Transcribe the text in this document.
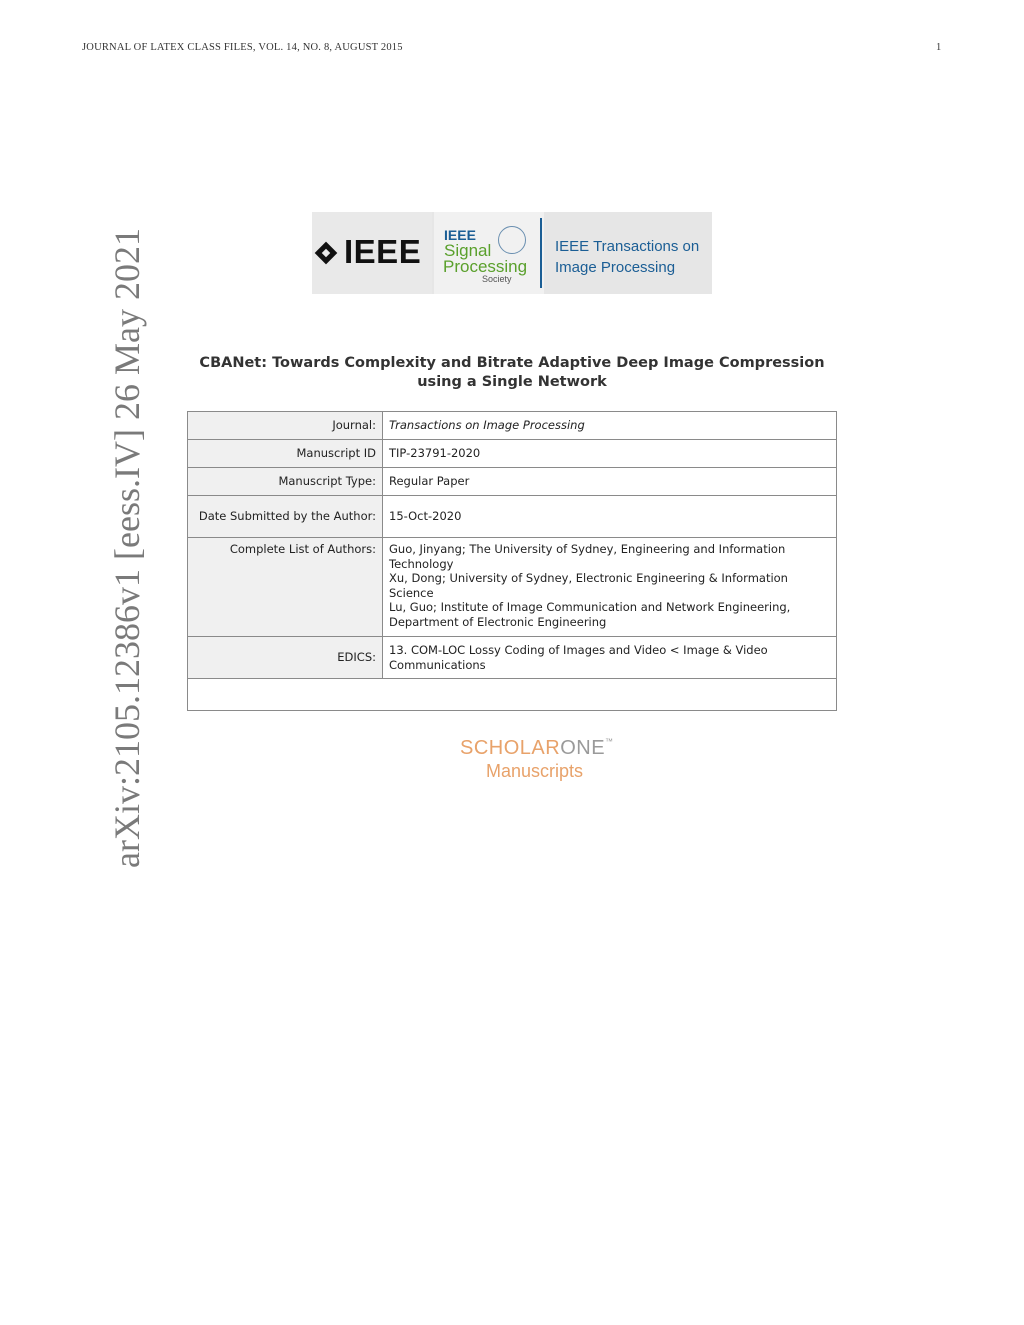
JOURNAL OF LATEX CLASS FILES, VOL. 14, NO. 8, AUGUST 2015	1
arXiv:2105.12386v1 [eess.IV] 26 May 2021	IEEE IEEE
Signal
Processing
Society
IEEE Transactions on Image Processing
CBANet: Towards Complexity and Bitrate Adaptive Deep Image Compression using a Single Network
Journal:	Transactions on Image Processing
Manuscript ID	TIP-23791-2020
Manuscript Type:	Regular Paper
Date Submitted by the Author:	15-Oct-2020
Complete List of Authors:	Guo, Jinyang; The University of Sydney, Engineering and Information Technology
Xu, Dong; University of Sydney, Electronic Engineering & Information Science
Lu, Guo; Institute of Image Communication and Network Engineering, Department of Electronic Engineering

EDICS:	13. COM-LOC Lossy Coding of Images and Video < Image & Video Communications

SCHOLARONE™
Manuscripts
